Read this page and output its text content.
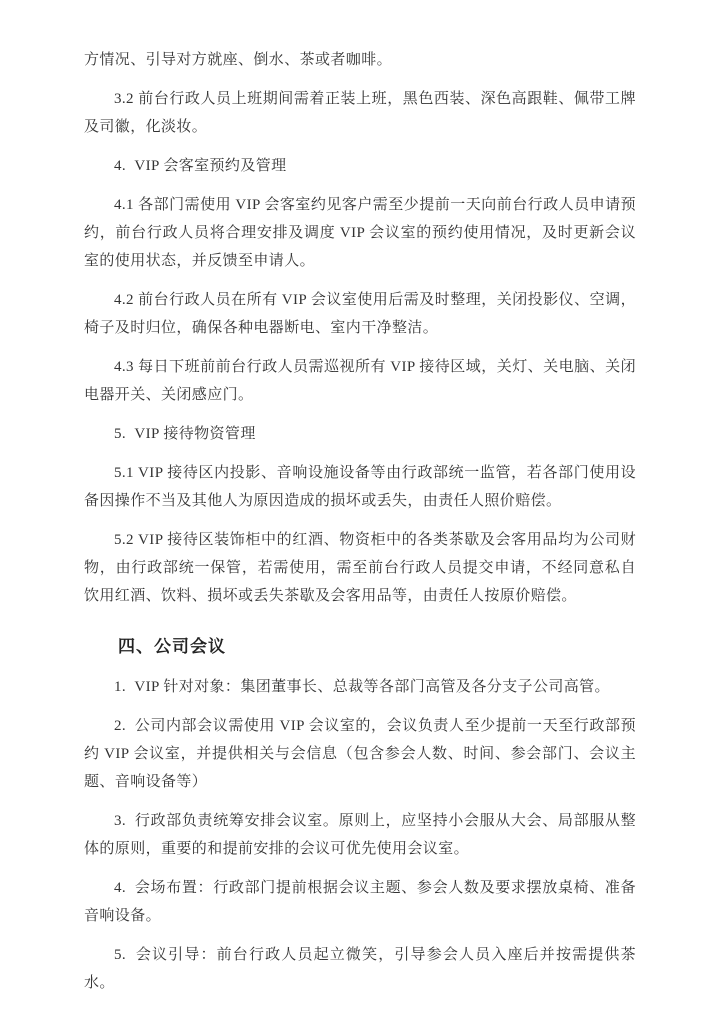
方情况、引导对方就座、倒水、茶或者咖啡。

3.2 前台行政人员上班期间需着正装上班，黑色西装、深色高跟鞋、佩带工牌及司徽，化淡妆。

4.  VIP 会客室预约及管理

4.1 各部门需使用 VIP 会客室约见客户需至少提前一天向前台行政人员申请预约，前台行政人员将合理安排及调度 VIP 会议室的预约使用情况，及时更新会议室的使用状态，并反馈至申请人。

4.2 前台行政人员在所有 VIP 会议室使用后需及时整理，关闭投影仪、空调，椅子及时归位，确保各种电器断电、室内干净整洁。

4.3 每日下班前前台行政人员需巡视所有 VIP 接待区域，关灯、关电脑、关闭电器开关、关闭感应门。

5.  VIP 接待物资管理

5.1 VIP 接待区内投影、音响设施设备等由行政部统一监管，若各部门使用设备因操作不当及其他人为原因造成的损坏或丢失，由责任人照价赔偿。

5.2 VIP 接待区装饰柜中的红酒、物资柜中的各类茶歇及会客用品均为公司财物，由行政部统一保管，若需使用，需至前台行政人员提交申请，不经同意私自饮用红酒、饮料、损坏或丢失茶歇及会客用品等，由责任人按原价赔偿。

四、公司会议

1.  VIP 针对对象：集团董事长、总裁等各部门高管及各分支子公司高管。

2.  公司内部会议需使用 VIP 会议室的，会议负责人至少提前一天至行政部预约 VIP 会议室，并提供相关与会信息（包含参会人数、时间、参会部门、会议主题、音响设备等）

3.  行政部负责统筹安排会议室。原则上，应坚持小会服从大会、局部服从整体的原则，重要的和提前安排的会议可优先使用会议室。

4.  会场布置：行政部门提前根据会议主题、参会人数及要求摆放桌椅、准备音响设备。

5.  会议引导：前台行政人员起立微笑，引导参会人员入座后并按需提供茶水。
